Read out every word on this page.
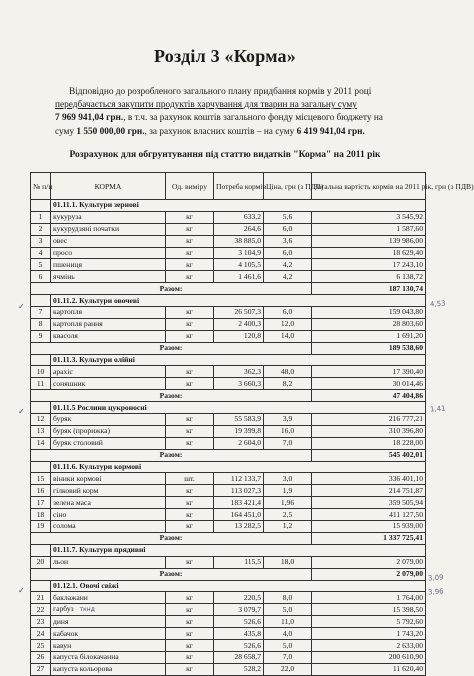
Розділ 3 «Корма»
Відповідно до розробленого загального плану придбання кормів у 2011 році
передбачається закупити продуктів харчування для тварин на загальну суму
7 969 941,04 грн., в т.ч. за рахунок коштів загального фонду місцевого бюджету на
суму 1 550 000,00 грн., за рахунок власних коштів – на суму 6 419 941,04 грн.
Розрахунок для обгрунтування під статтю видатків "Корма" на 2011 рік
№ п/п	КОРМА	Од. виміру	Потреба кормів	Ціна, грн (з ПДВ)	Загальна вартість кормів на 2011 рік, грн (з ПДВ)
	01.11.1. Культури зернові				
1	кукуруза	кг	633,2	5,6	3 545,92
2	кукурудзяні початки	кг	264,6	6,0	1 587,60
3	овес	кг	38 885,0	3,6	139 986,00
4	просо	кг	3 104,9	6,0	18 629,40
5	пшениця	кг	4 105,5	4,2	17 243,10
6	ячмінь	кг	1 461,6	4,2	6 138,72
Разом:					187 130,74
	01.11.2. Культури овочеві				
7	картопля	кг	26 507,3	6,0	159 043,80
8	картопля рання	кг	2 400,3	12,0	28 803,60
9	квасоля	кг	120,8	14,0	1 691,20
Разом:					189 538,60
	01.11.3. Культури олійні				
10	арахіс	кг	362,3	48,0	17 390,40
11	соняшник	кг	3 660,3	8,2	30 014,46
Разом:					47 404,86
	01.11.5 Рослини цукроносні				
12	буряк	кг	55 583,9	3,9	216 777,21
13	буряк (прорижка)	кг	19 399,8	16,0	310 396,80
14	буряк столовий	кг	2 604,0	7,0	18 228,00
Разом:					545 402,01
	01.11.6. Культури кормові				
15	віники кормові	шт.	112 133,7	3,0	336 401,10
16	гілковий корм	кг	113 027,3	1,9	214 751,87
17	зелена маса	кг	183 421,4	1,96	359 505,94
18	сіно	кг	164 451,0	2,5	411 127,50
19	солома	кг	13 282,5	1,2	15 939,00
Разом:					1 337 725,41
	01.11.7. Культури прядивні				
20	льон	кг	115,5	18,0	2 079,00
Разом:					2 079,00
	01.12.1. Овочі свіжі				
21	баклажани	кг	220,5	8,0	1 764,00
22	гарбуз ткнд	кг	3 079,7	5,0	15 398,50
23	диня	кг	526,6	11,0	5 792,60
24	кабачок	кг	435,8	4,0	1 743,20
25	кавун	кг	526,6	5,0	2 633,00
26	капуста білокачанна	кг	28 658,7	7,0	200 610,90
27	капуста кольорова	кг	528,2	22,0	11 620,40
4,53
1,41
3,09
3,96
✓
✓
✓
